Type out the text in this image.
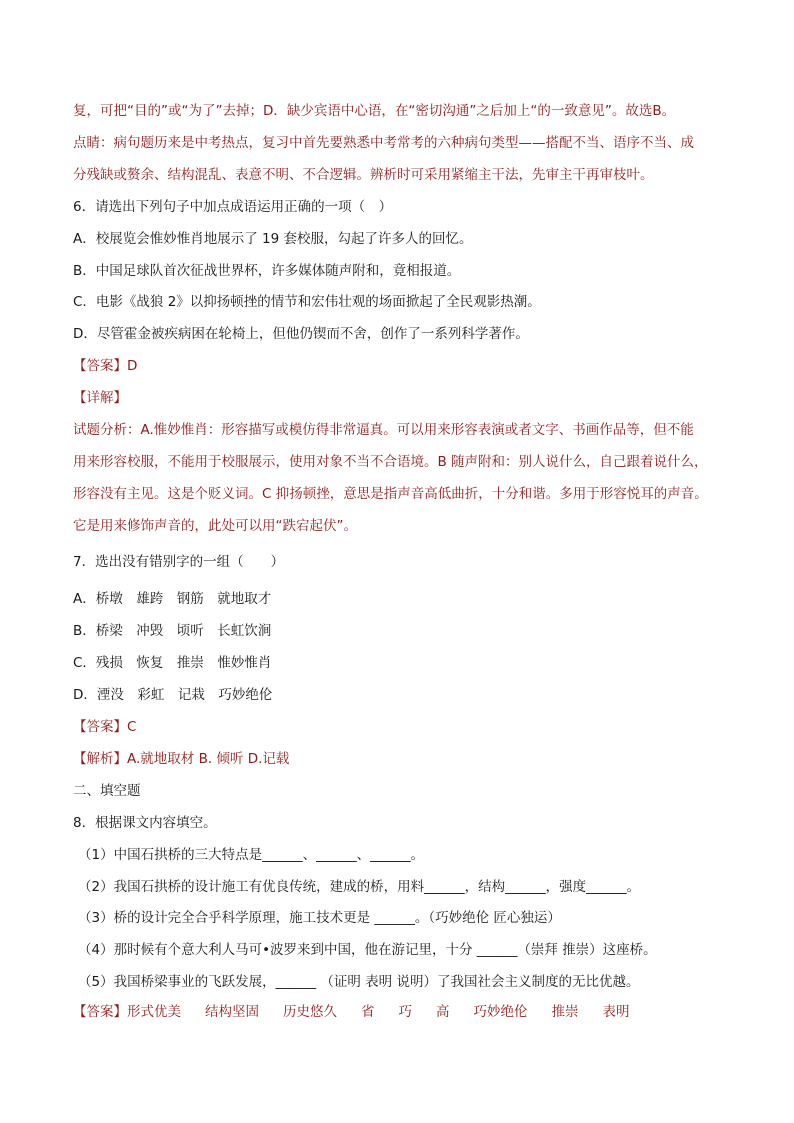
复，可把“目的”或“为了”去掉；D．缺少宾语中心语，在“密切沟通”之后加上“的一致意见”。故选B。
点睛：病句题历来是中考热点，复习中首先要熟悉中考常考的六种病句类型——搭配不当、语序不当、成
分残缺或赘余、结构混乱、表意不明、不合逻辑。辨析时可采用紧缩主干法，先审主干再审枝叶。
6．请选出下列句子中加点成语运用正确的一项（　）
A．校展览会惟妙惟肖地展示了 19 套校服，勾起了许多人的回忆。
B．中国足球队首次征战世界杯，许多媒体随声附和，竟相报道。
C．电影《战狼 2》以抑扬顿挫的情节和宏伟壮观的场面掀起了全民观影热潮。
D．尽管霍金被疾病困在轮椅上，但他仍锲而不舍，创作了一系列科学著作。
【答案】D
【详解】
试题分析：A.惟妙惟肖：形容描写或模仿得非常逼真。可以用来形容表演或者文字、书画作品等，但不能
用来形容校服，不能用于校服展示，使用对象不当不合语境。B 随声附和：别人说什么，自己跟着说什么，
形容没有主见。这是个贬义词。C 抑扬顿挫，意思是指声音高低曲折，十分和谐。多用于形容悦耳的声音。
它是用来修饰声音的，此处可以用“跌宕起伏”。
7．选出没有错别字的一组（　　）
A．桥墩　雄跨　钢筋　就地取才
B．桥梁　冲毁　顷听　长虹饮涧
C．残损　恢复　推崇　惟妙惟肖
D．湮没　彩虹　记栽　巧妙绝伦
【答案】C
【解析】A.就地取材 B. 倾听 D.记载
二、填空题
8．根据课文内容填空。
（1）中国石拱桥的三大特点是______、______、______。
（2）我国石拱桥的设计施工有优良传统，建成的桥，用料______，结构______，强度______。
（3）桥的设计完全合乎科学原理，施工技术更是 ______。（巧妙绝伦 匠心独运）
（4）那时候有个意大利人马可•波罗来到中国，他在游记里，十分 ______（崇拜 推崇）这座桥。
（5）我国桥梁事业的飞跃发展，______ （证明 表明 说明）了我国社会主义制度的无比优越。
【答案】形式优美 结构坚固 历史悠久 省 巧 高 巧妙绝伦 推崇 表明
